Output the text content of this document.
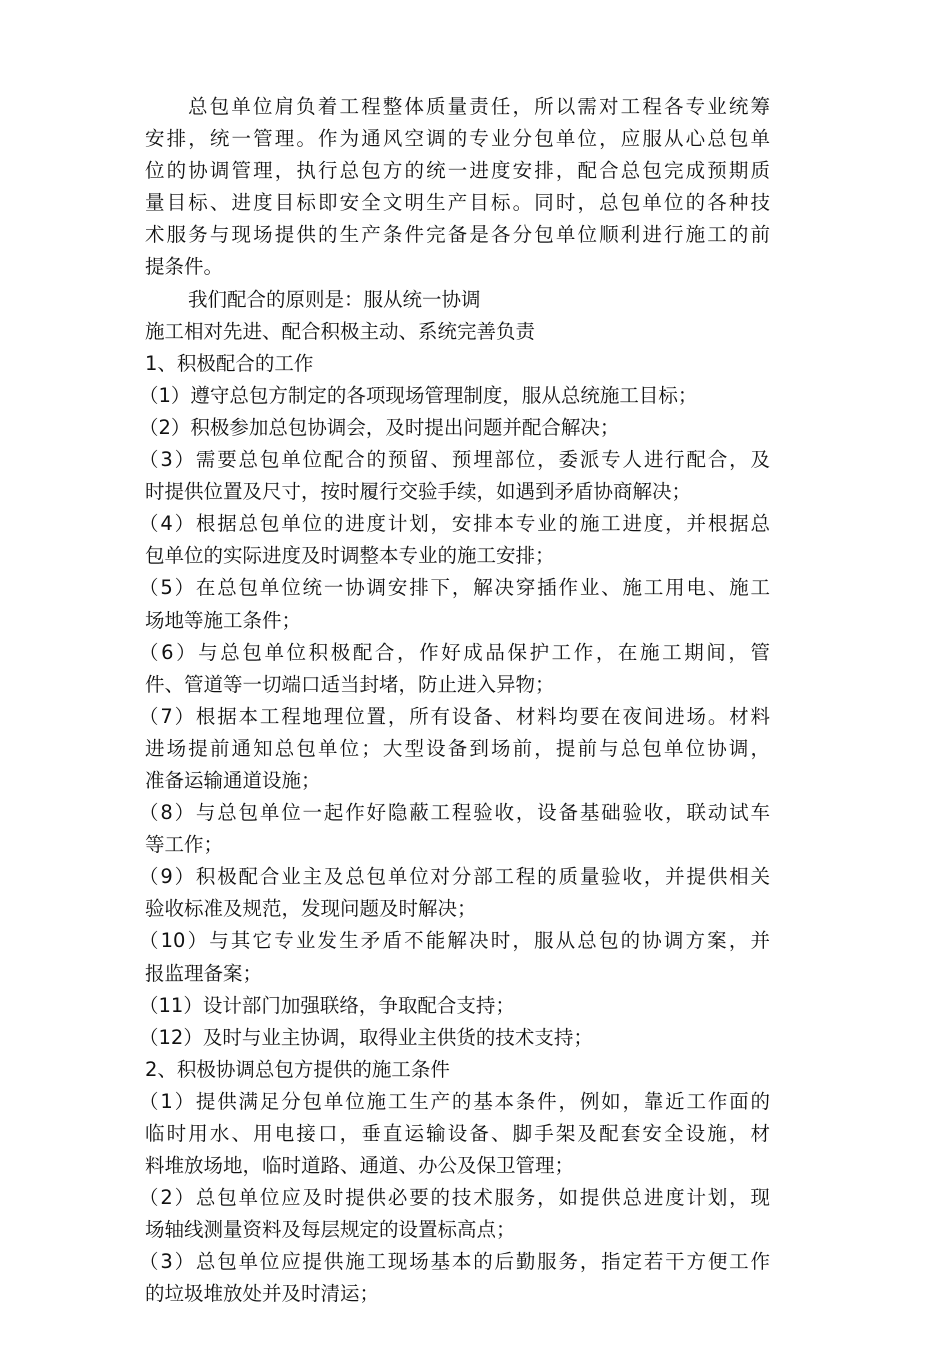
总包单位肩负着工程整体质量责任，所以需对工程各专业统筹
安排，统一管理。作为通风空调的专业分包单位，应服从心总包单
位的协调管理，执行总包方的统一进度安排，配合总包完成预期质
量目标、进度目标即安全文明生产目标。同时，总包单位的各种技
术服务与现场提供的生产条件完备是各分包单位顺利进行施工的前
提条件。
我们配合的原则是：服从统一协调
施工相对先进、配合积极主动、系统完善负责
1、积极配合的工作
（1）遵守总包方制定的各项现场管理制度，服从总统施工目标；
（2）积极参加总包协调会，及时提出问题并配合解决；
（3）需要总包单位配合的预留、预埋部位，委派专人进行配合，及
时提供位置及尺寸，按时履行交验手续，如遇到矛盾协商解决；
（4）根据总包单位的进度计划，安排本专业的施工进度，并根据总
包单位的实际进度及时调整本专业的施工安排；
（5）在总包单位统一协调安排下，解决穿插作业、施工用电、施工
场地等施工条件；
（6）与总包单位积极配合，作好成品保护工作，在施工期间，管
件、管道等一切端口适当封堵，防止进入异物；
（7）根据本工程地理位置，所有设备、材料均要在夜间进场。材料
进场提前通知总包单位；大型设备到场前，提前与总包单位协调，
准备运输通道设施；
（8）与总包单位一起作好隐蔽工程验收，设备基础验收，联动试车
等工作；
（9）积极配合业主及总包单位对分部工程的质量验收，并提供相关
验收标准及规范，发现问题及时解决；
（10）与其它专业发生矛盾不能解决时，服从总包的协调方案，并
报监理备案；
（11）设计部门加强联络，争取配合支持；
（12）及时与业主协调，取得业主供货的技术支持；
2、积极协调总包方提供的施工条件
（1）提供满足分包单位施工生产的基本条件，例如，靠近工作面的
临时用水、用电接口，垂直运输设备、脚手架及配套安全设施，材
料堆放场地，临时道路、通道、办公及保卫管理；
（2）总包单位应及时提供必要的技术服务，如提供总进度计划，现
场轴线测量资料及每层规定的设置标高点；
（3）总包单位应提供施工现场基本的后勤服务，指定若干方便工作
的垃圾堆放处并及时清运；
